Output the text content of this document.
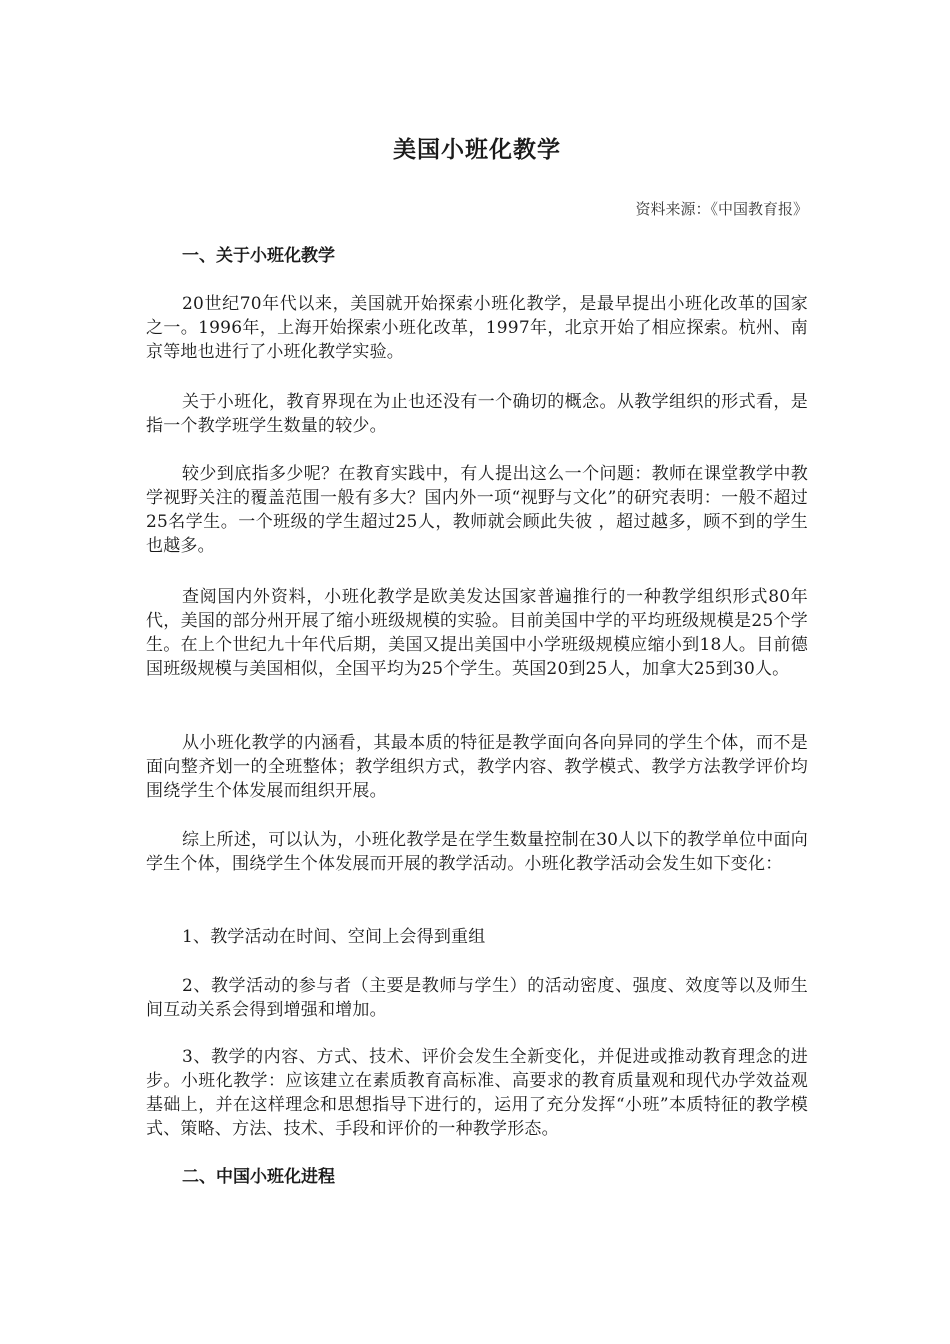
美国小班化教学
资料来源：《中国教育报》
一、关于小班化教学

20世纪70年代以来，美国就开始探索小班化教学，是最早提出小班化改革的国家之一。1996年，上海开始探索小班化改革，1997年，北京开始了相应探索。杭州、南京等地也进行了小班化教学实验。

关于小班化，教育界现在为止也还没有一个确切的概念。从教学组织的形式看，是指一个教学班学生数量的较少。

较少到底指多少呢？在教育实践中，有人提出这么一个问题：教师在课堂教学中教学视野关注的覆盖范围一般有多大？国内外一项“视野与文化”的研究表明：一般不超过25名学生。一个班级的学生超过25人，教师就会顾此失彼 ，超过越多，顾不到的学生也越多。

查阅国内外资料，小班化教学是欧美发达国家普遍推行的一种教学组织形式80年代，美国的部分州开展了缩小班级规模的实验。目前美国中学的平均班级规模是25个学生。在上个世纪九十年代后期，美国又提出美国中小学班级规模应缩小到18人。目前德国班级规模与美国相似，全国平均为25个学生。英国20到25人，加拿大25到30人。

从小班化教学的内涵看，其最本质的特征是教学面向各向异同的学生个体，而不是面向整齐划一的全班整体；教学组织方式，教学内容、教学模式、教学方法教学评价均围绕学生个体发展而组织开展。

综上所述，可以认为，小班化教学是在学生数量控制在30人以下的教学单位中面向学生个体，围绕学生个体发展而开展的教学活动。小班化教学活动会发生如下变化：

1、教学活动在时间、空间上会得到重组

2、教学活动的参与者（主要是教师与学生）的活动密度、强度、效度等以及师生间互动关系会得到增强和增加。

3、教学的内容、方式、技术、评价会发生全新变化，并促进或推动教育理念的进步。小班化教学：应该建立在素质教育高标准、高要求的教育质量观和现代办学效益观基础上，并在这样理念和思想指导下进行的，运用了充分发挥“小班”本质特征的教学模式、策略、方法、技术、手段和评价的一种教学形态。

二、中国小班化进程
